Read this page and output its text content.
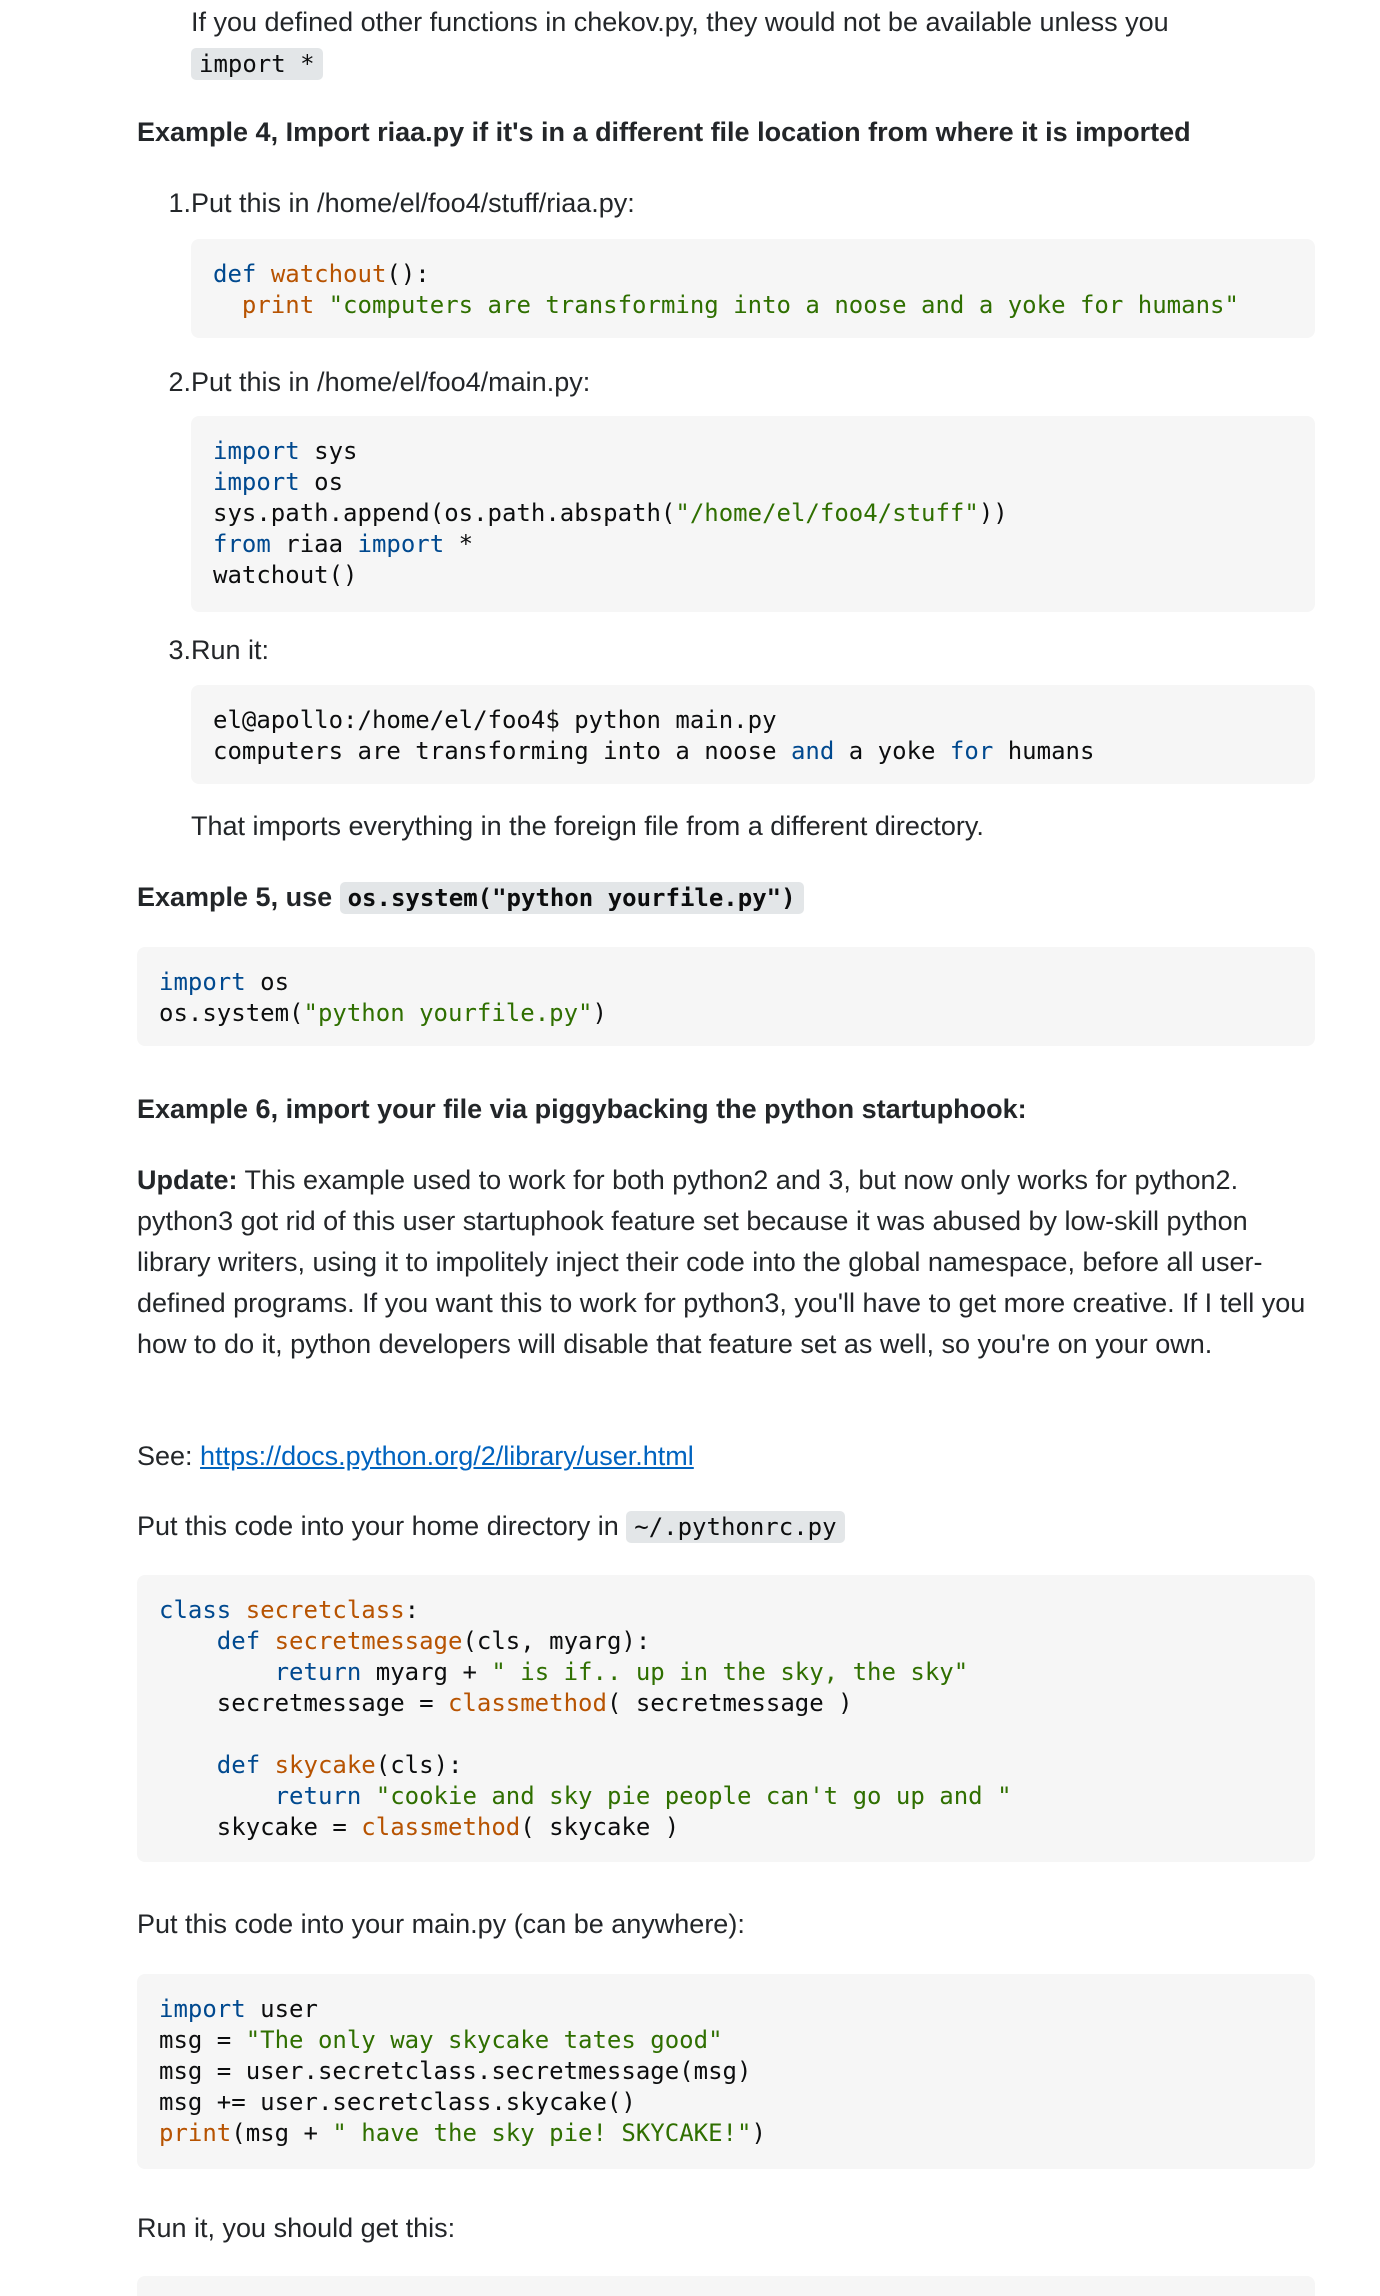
If you defined other functions in chekov.py, they would not be available unless you
import *

Example 4, Import riaa.py if it's in a different file location from where it is imported
1. Put this in /home/el/foo4/stuff/riaa.py:
def watchout():
print "computers are transforming into a noose and a yoke for humans"
2. Put this in /home/el/foo4/main.py:
import sys
import os
sys.path.append(os.path.abspath("/home/el/foo4/stuff"))
from riaa import *
watchout()
3. Run it:
el@apollo:/home/el/foo4$ python main.py
computers are transforming into a noose and a yoke for humans

That imports everything in the foreign file from a different directory.

Example 5, use os.system("python yourfile.py")
import os
os.system("python yourfile.py")
Example 6, import your file via piggybacking the python startuphook:

Update: This example used to work for both python2 and 3, but now only works for python2. python3 got rid of this user startuphook feature set because it was abused by low-skill python library writers, using it to impolitely inject their code into the global namespace, before all user-defined programs. If you want this to work for python3, you'll have to get more creative. If I tell you how to do it, python developers will disable that feature set as well, so you're on your own.

See: https://docs.python.org/2/library/user.html

Put this code into your home directory in ~/.pythonrc.py

class secretclass:
def secretmessage(cls, myarg):
return myarg + " is if.. up in the sky, the sky"
secretmessage = classmethod( secretmessage )

def skycake(cls):
return "cookie and sky pie people can't go up and "
skycake = classmethod( skycake )

Put this code into your main.py (can be anywhere):

import user
msg = "The only way skycake tates good"
msg = user.secretclass.secretmessage(msg)
msg += user.secretclass.skycake()
print(msg + " have the sky pie! SKYCAKE!")

Run it, you should get this:
